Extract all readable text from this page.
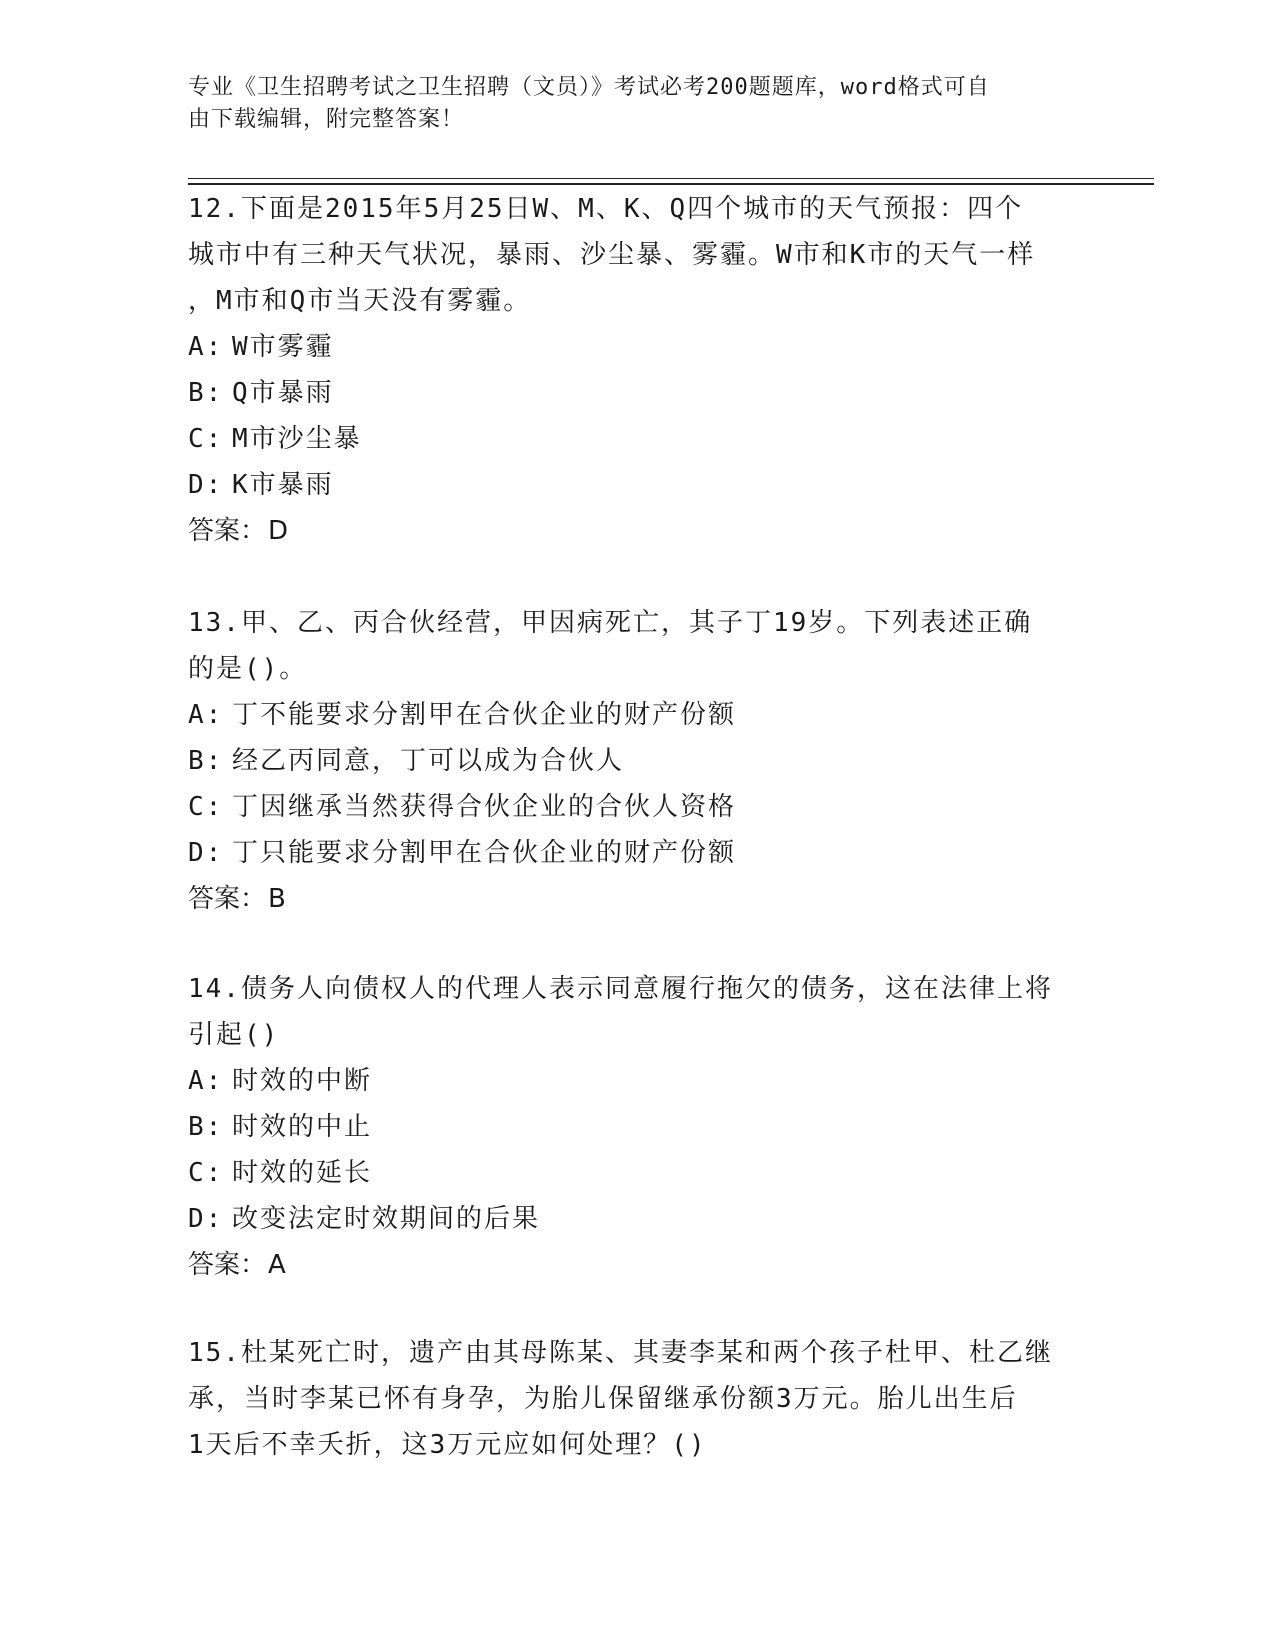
专业《卫生招聘考试之卫生招聘（文员）》考试必考200题题库，word格式可自
由下载编辑，附完整答案！

12.下面是2015年5月25日W、M、K、Q四个城市的天气预报：四个
城市中有三种天气状况，暴雨、沙尘暴、雾霾。W市和K市的天气一样
，M市和Q市当天没有雾霾。

A: W市雾霾

B: Q市暴雨

C: M市沙尘暴

D: K市暴雨

答案：D

13.甲、乙、丙合伙经营，甲因病死亡，其子丁19岁。下列表述正确
的是()。

A: 丁不能要求分割甲在合伙企业的财产份额

B: 经乙丙同意，丁可以成为合伙人

C: 丁因继承当然获得合伙企业的合伙人资格

D: 丁只能要求分割甲在合伙企业的财产份额

答案：B

14.债务人向债权人的代理人表示同意履行拖欠的债务，这在法律上将
引起()

A: 时效的中断

B: 时效的中止

C: 时效的延长

D: 改变法定时效期间的后果

答案：A

15.杜某死亡时，遗产由其母陈某、其妻李某和两个孩子杜甲、杜乙继
承，当时李某已怀有身孕，为胎儿保留继承份额3万元。胎儿出生后
1天后不幸夭折，这3万元应如何处理？()
